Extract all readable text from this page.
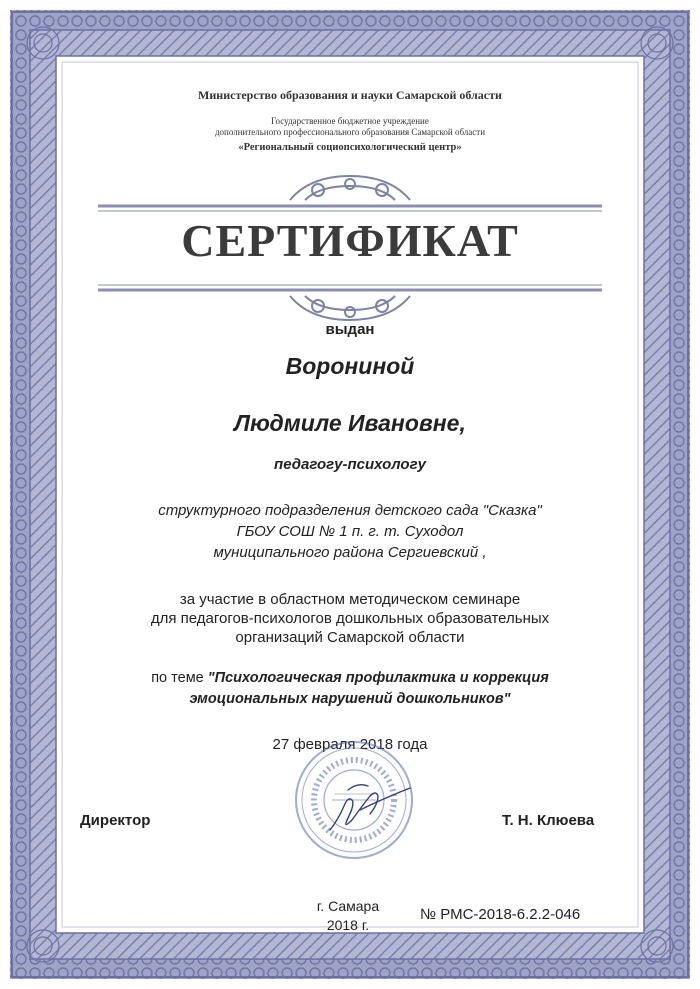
Министерство образования и науки Самарской области
Государственное бюджетное учреждение
дополнительного профессионального образования Самарской области
«Региональный социопсихологический центр»
СЕРТИФИКАТ
выдан
Ворониной
Людмиле Ивановне,
педагогу-психологу
структурного подразделения детского сада "Сказка"
ГБОУ СОШ № 1 п. г. т. Суходол
муниципального района Сергиевский ,
за участие в областном методическом семинаре
для педагогов-психологов дошкольных образовательных
организаций Самарской области
по теме "Психологическая профилактика и коррекция
эмоциональных нарушений дошкольников"
27 февраля 2018 года
Директор	Т. Н. Клюева
г. Самара
2018 г.
№ РМС-2018-6.2.2-046
